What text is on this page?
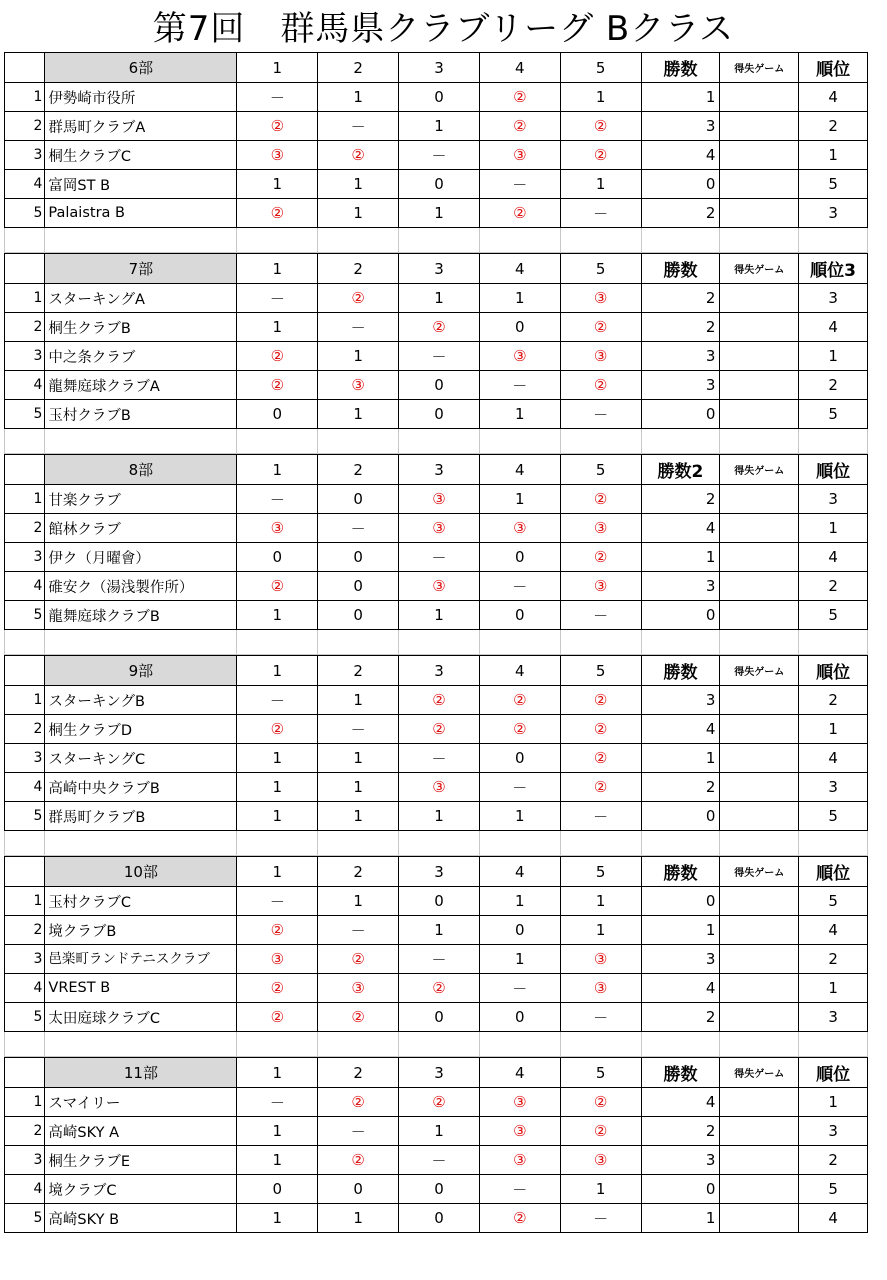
第7回　群馬県クラブリーグ Bクラス
	6部	1	2	3	4	5	勝数	得失ゲーム	順位
1	伊勢崎市役所	－	1	0	②	1	1		4
2	群馬町クラブA	②	－	1	②	②	3		2
3	桐生クラブC	③	②	－	③	②	4		1
4	富岡ST B	1	1	0	－	1	0		5
5	Palaistra B	②	1	1	②	－	2		3

	7部	1	2	3	4	5	勝数	得失ゲーム	順位3
1	スターキングA	－	②	1	1	③	2		3
2	桐生クラブB	1	－	②	0	②	2		4
3	中之条クラブ	②	1	－	③	③	3		1
4	龍舞庭球クラブA	②	③	0	－	②	3		2
5	玉村クラブB	0	1	0	1	－	0		5

	8部	1	2	3	4	5	勝数2	得失ゲーム	順位
1	甘楽クラブ	－	0	③	1	②	2		3
2	館林クラブ	③	－	③	③	③	4		1
3	伊ク（月曜會）	0	0	－	0	②	1		4
4	碓安ク（湯浅製作所）	②	0	③	－	③	3		2
5	龍舞庭球クラブB	1	0	1	0	－	0		5

	9部	1	2	3	4	5	勝数	得失ゲーム	順位
1	スターキングB	－	1	②	②	②	3		2
2	桐生クラブD	②	－	②	②	②	4		1
3	スターキングC	1	1	－	0	②	1		4
4	高崎中央クラブB	1	1	③	－	②	2		3
5	群馬町クラブB	1	1	1	1	－	0		5

	10部	1	2	3	4	5	勝数	得失ゲーム	順位
1	玉村クラブC	－	1	0	1	1	0		5
2	境クラブB	②	－	1	0	1	1		4
3	邑楽町ランドテニスクラブ	③	②	－	1	③	3		2
4	VREST B	②	③	②	－	③	4		1
5	太田庭球クラブC	②	②	0	0	－	2		3

	11部	1	2	3	4	5	勝数	得失ゲーム	順位
1	スマイリー	－	②	②	③	②	4		1
2	高崎SKY A	1	－	1	③	②	2		3
3	桐生クラブE	1	②	－	③	③	3		2
4	境クラブC	0	0	0	－	1	0		5
5	高崎SKY B	1	1	0	②	－	1		4
